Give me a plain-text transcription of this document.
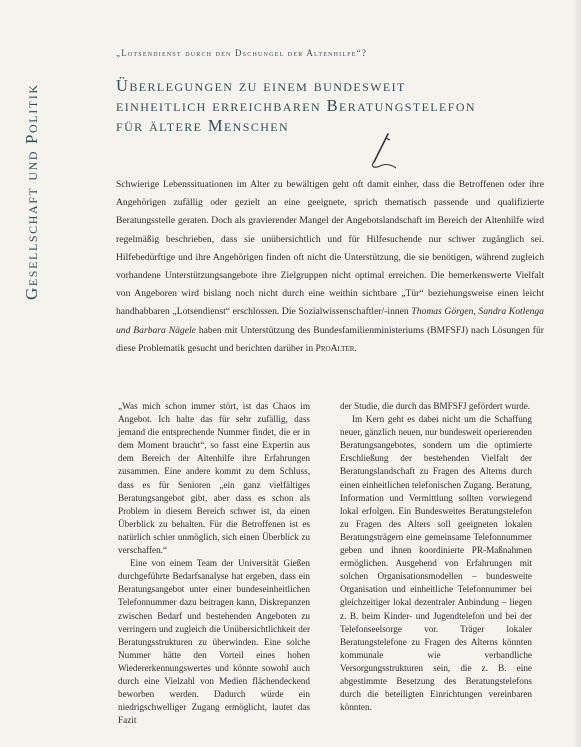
Gesellschaft und Politik
„Lotsendienst durch den Dschungel der Altenhilfe“?
Überlegungen zu einem bundesweit
einheitlich erreichbaren Beratungstelefon
für ältere Menschen
Schwierige Lebenssituationen im Alter zu bewältigen geht oft damit einher, dass die Betroffenen oder ihre Angehörigen zufällig oder gezielt an eine geeignete, sprich thematisch passende und qualifizierte Beratungsstelle geraten. Doch als gravierender Mangel der Angebotslandschaft im Bereich der Altenhilfe wird regelmäßig beschrieben, dass sie unübersichtlich und für Hilfesuchende nur schwer zugänglich sei. Hilfebedürftige und ihre Angehörigen finden oft nicht die Unterstützung, die sie benötigen, während zugleich vorhandene Unterstützungsangebote ihre Zielgruppen nicht optimal erreichen. Die bemerkenswerte Vielfalt von Angeboren wird bislang noch nicht durch eine weithin sichtbare „Tür“ beziehungsweise einen leicht handhabbaren „Lotsendienst“ erschlossen. Die Sozialwissenschaftler/-innen Thomas Görgen, Sandra Kotlenga und Barbara Nägele haben mit Unterstützung des Bundesfamilienministeriums (BMFSFJ) nach Lösungen für diese Problematik gesucht und berichten darüber in ProAlter.

„Was mich schon immer stört, ist das Chaos im Angebot. Ich halte das für sehr zufällig, dass jemand die entsprechende Nummer findet, die er in dem Moment braucht“, so fasst eine Expertin aus dem Bereich der Altenhilfe ihre Erfahrungen zusammen. Eine andere kommt zu dem Schluss, dass es für Senioren „ein ganz vielfältiges Beratungsangebot gibt, aber dass es schon als Problem in diesem Bereich schwer ist, da einen Überblick zu behalten. Für die Betroffenen ist es natürlich schier unmöglich, sich einen Überblick zu verschaffen.“

Eine von einem Team der Universität Gießen durchgeführte Bedarfsanalyse hat ergeben, dass ein Beratungsangebot unter einer bundeseinheitlichen Telefonnummer dazu beitragen kann, Diskrepanzen zwischen Bedarf und bestehenden Angeboten zu verringern und zugleich die Unübersichtlichkeit der Beratungsstrukturen zu überwinden. Eine solche Nummer hätte den Vorteil eines hohen Wiedererkennungswertes und könnte sowohl auch durch eine Vielzahl von Medien flächendeckend beworben werden. Dadurch würde ein niedrigschwelliger Zugang ermöglicht, lautet das Fazit

der Studie, die durch das BMFSFJ gefördert wurde.

Im Kern geht es dabei nicht um die Schaffung neuer, gänzlich neuen, nur bundesweit operierenden Beratungsangebotes, sondern um die optimierte Erschließung der bestehenden Vielfalt der Beratungslandschaft zu Fragen des Alterns durch einen einheitlichen telefonischen Zugang. Beratung, Information und Vermittlung sollten vorwiegend lokal erfolgen. Ein Bundesweites Beratungstelefon zu Fragen des Alters soll geeigneten lokalen Beratungsträgern eine gemeinsame Telefonnummer geben und ihnen koordinierte PR-Maßnahmen ermöglichen. Ausgehend von Erfahrungen mit solchen Organisationsmodellen – bundesweite Organisation und einheitliche Telefonnummer bei gleichzeitiger lokal dezentraler Anbindung – liegen z. B. beim Kinder- und Jugendtelefon und bei der Telefonseelsorge vor. Träger lokaler Beratungstelefone zu Fragen des Alterns könnten kommunale wie verbandliche Versorgungsstrukturen sein, die z. B. eine abgestimmte Besetzung des Beratungstelefons durch die beteiligten Einrichtungen vereinbaren könnten.
